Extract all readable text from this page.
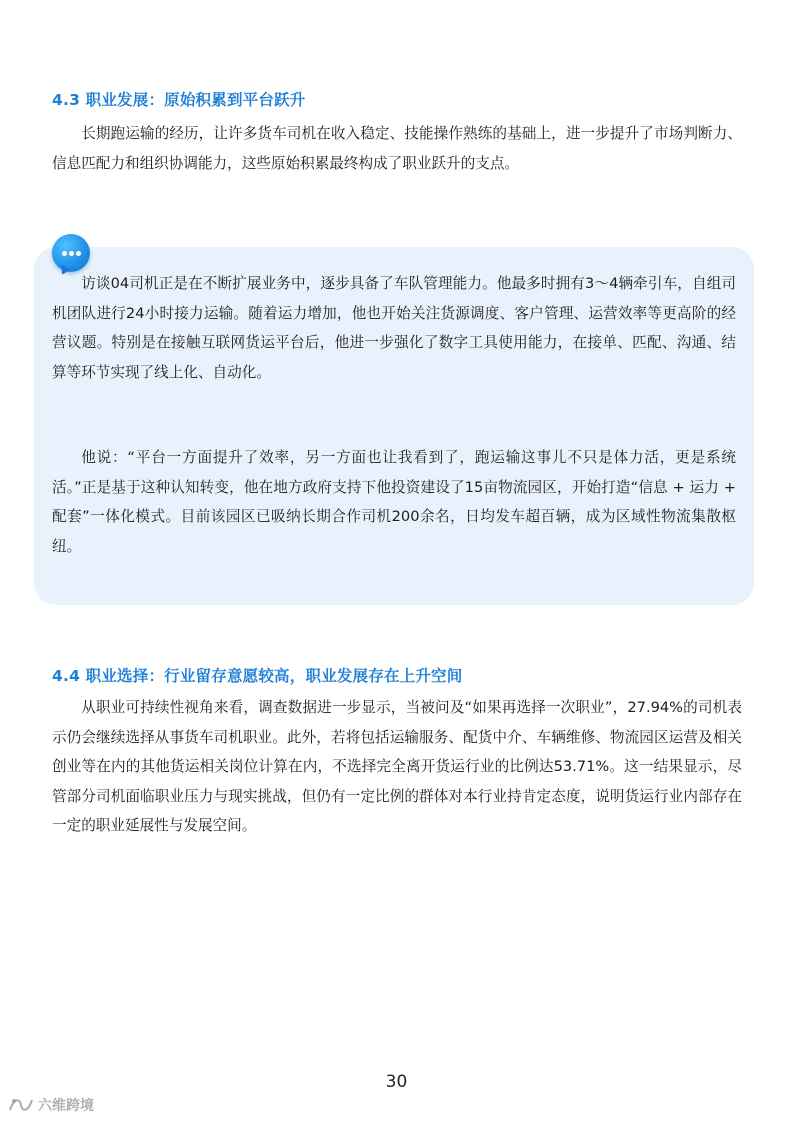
4.3 职业发展：原始积累到平台跃升

长期跑运输的经历，让许多货车司机在收入稳定、技能操作熟练的基础上，进一步提升了市场判断力、信息匹配力和组织协调能力，这些原始积累最终构成了职业跃升的支点。

访谈04司机正是在不断扩展业务中，逐步具备了车队管理能力。他最多时拥有3～4辆牵引车，自组司机团队进行24小时接力运输。随着运力增加，他也开始关注货源调度、客户管理、运营效率等更高阶的经营议题。特别是在接触互联网货运平台后，他进一步强化了数字工具使用能力，在接单、匹配、沟通、结算等环节实现了线上化、自动化。

他说：“平台一方面提升了效率，另一方面也让我看到了，跑运输这事儿不只是体力活，更是系统活。”正是基于这种认知转变，他在地方政府支持下他投资建设了15亩物流园区，开始打造“信息 + 运力 + 配套”一体化模式。目前该园区已吸纳长期合作司机200余名，日均发车超百辆，成为区域性物流集散枢纽。

4.4 职业选择：行业留存意愿较高，职业发展存在上升空间

从职业可持续性视角来看，调查数据进一步显示，当被问及“如果再选择一次职业”，27.94%的司机表示仍会继续选择从事货车司机职业。此外，若将包括运输服务、配货中介、车辆维修、物流园区运营及相关创业等在内的其他货运相关岗位计算在内，不选择完全离开货运行业的比例达53.71%。这一结果显示，尽管部分司机面临职业压力与现实挑战，但仍有一定比例的群体对本行业持肯定态度，说明货运行业内部存在一定的职业延展性与发展空间。

30
六维跨境
